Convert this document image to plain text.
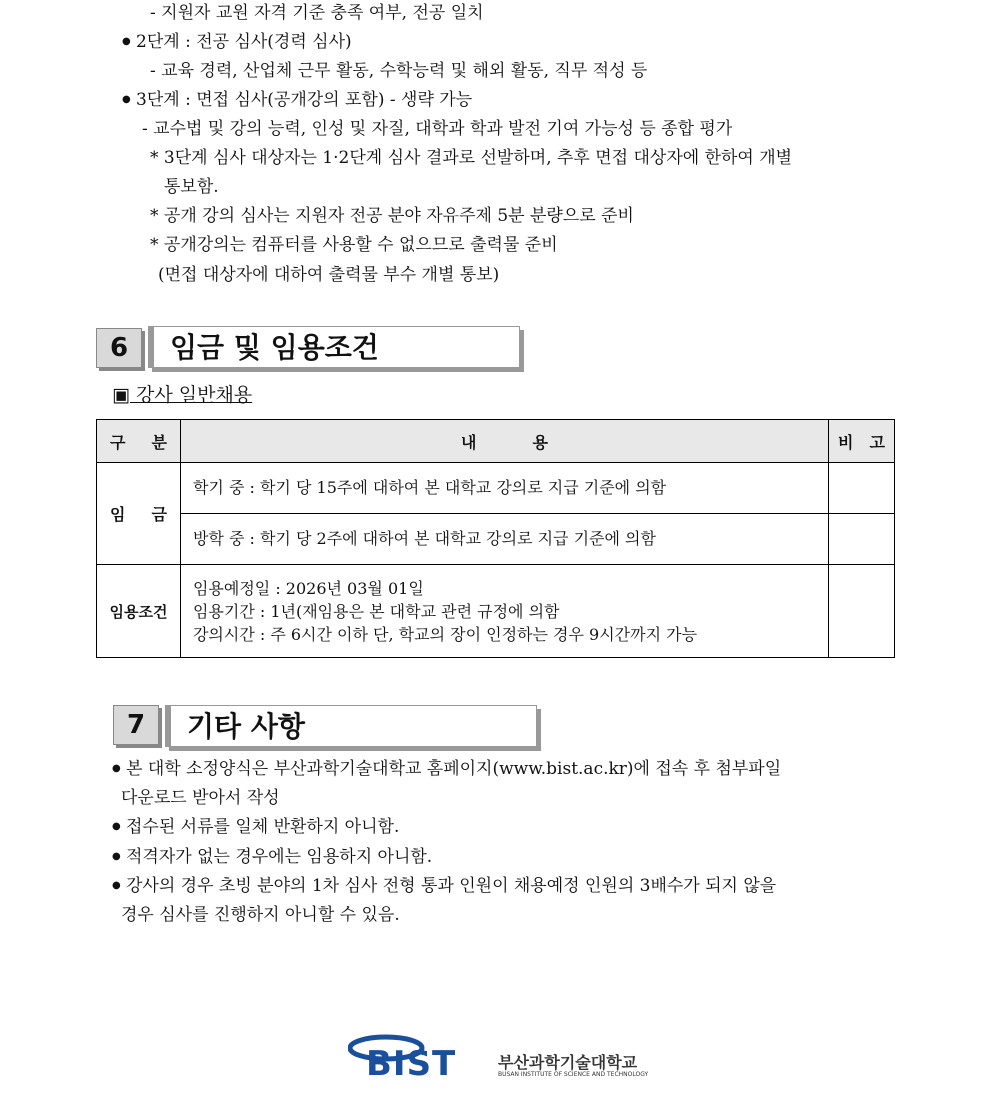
- 지원자 교원 자격 기준 충족 여부, 전공 일치
● 2단계 : 전공 심사(경력 심사)
- 교육 경력, 산업체 근무 활동, 수학능력 및 해외 활동, 직무 적성 등
● 3단계 : 면접 심사(공개강의 포함) - 생략 가능
- 교수법 및 강의 능력, 인성 및 자질, 대학과 학과 발전 기여 가능성 등 종합 평가
* 3단계 심사 대상자는 1·2단계 심사 결과로 선발하며, 추후 면접 대상자에 한하여 개별
통보함.
* 공개 강의 심사는 지원자 전공 분야 자유주제 5분 분량으로 준비
* 공개강의는 컴퓨터를 사용할 수 없으므로 출력물 준비
(면접 대상자에 대하여 출력물 부수 개별 통보)
6	임금 및 임용조건
▣ 강사 일반채용
구 분	내 용	비 고

임 금	학기 중 : 학기 당 15주에 대하여 본 대학교 강의로 지급 기준에 의함	
	방학 중 : 학기 당 2주에 대하여 본 대학교 강의로 지급 기준에 의함	
임용조건	임용예정일 : 2026년 03월 01일
임용기간 : 1년(재임용은 본 대학교 관련 규정에 의함
강의시간 : 주 6시간 이하 단, 학교의 장이 인정하는 경우 9시간까지 가능	

7	기타 사항
● 본 대학 소정양식은 부산과학기술대학교 홈페이지(www.bist.ac.kr)에 접속 후 첨부파일
다운로드 받아서 작성
● 접수된 서류를 일체 반환하지 아니함.
● 적격자가 없는 경우에는 임용하지 아니함.
● 강사의 경우 초빙 분야의 1차 심사 전형 통과 인원이 채용예정 인원의 3배수가 되지 않을
경우 심사를 진행하지 아니할 수 있음.
BIST	부산과학기술대학교
BUSAN INSTITUTE OF SCIENCE AND TECHNOLOGY
